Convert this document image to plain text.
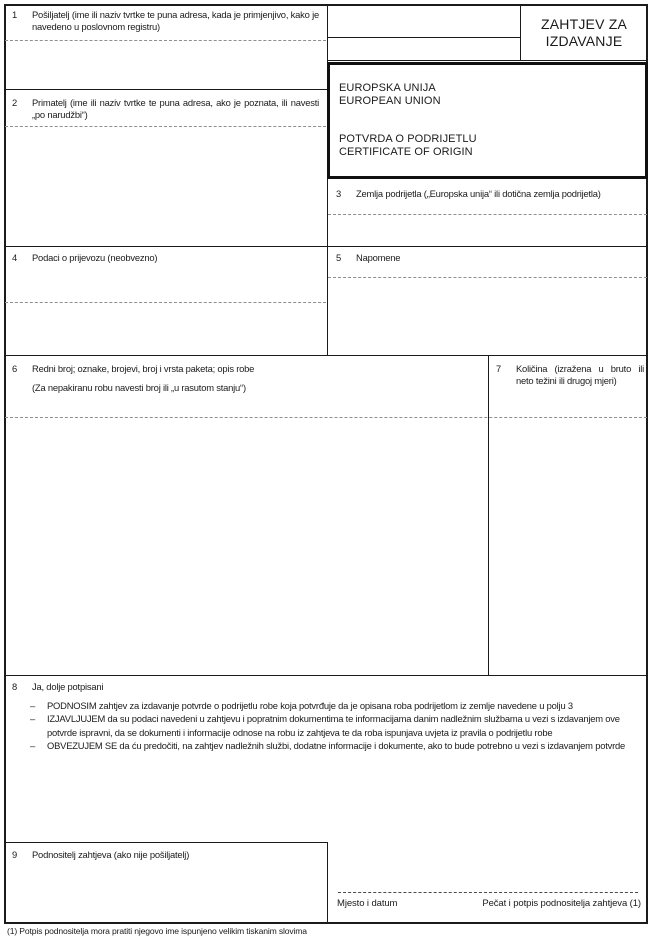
EUROPSKA UNIJA
EUROPEAN UNION
POTVRDA O PODRIJETLU
CERTIFICATE OF ORIGIN
ZAHTJEV ZA IZDAVANJE
1	Pošiljatelj (ime ili naziv tvrtke te puna adresa, kada je primjenjivo, kako je navedeno u poslovnom registru)
2	Primatelj (ime ili naziv tvrtke te puna adresa, ako je poznata, ili navesti „po narudžbi“)
3	Zemlja podrijetla („Europska unija“ ili dotična zemlja podrijetla)
4	Podaci o prijevozu (neobvezno)	5	Napomene
6	Redni broj; oznake, brojevi, broj i vrsta paketa; opis robe
(Za nepakiranu robu navesti broj ili „u rasutom stanju“)
7	Količina (izražena u bruto ili neto težini ili drugoj mjeri)
8	Ja, dolje potpisani
–	PODNOSIM zahtjev za izdavanje potvrde o podrijetlu robe koja potvrđuje da je opisana roba podrijetlom iz zemlje navedene u polju 3
–	IZJAVLJUJEM da su podaci navedeni u zahtjevu i popratnim dokumentima te informacijama danim nadležnim službama u vezi s izdavanjem ove potvrde ispravni, da se dokumenti i informacije odnose na robu iz zahtjeva te da roba ispunjava uvjeta iz pravila o podrijetlu robe
–	OBVEZUJEM SE da ću predočiti, na zahtjev nadležnih službi, dodatne informacije i dokumente, ako to bude potrebno u vezi s izdavanjem potvrde
9	Podnositelj zahtjeva (ako nije pošiljatelj)
Mjesto i datum	Pečat i potpis podnositelja zahtjeva (1)
(1) Potpis podnositelja mora pratiti njegovo ime ispunjeno velikim tiskanim slovima
